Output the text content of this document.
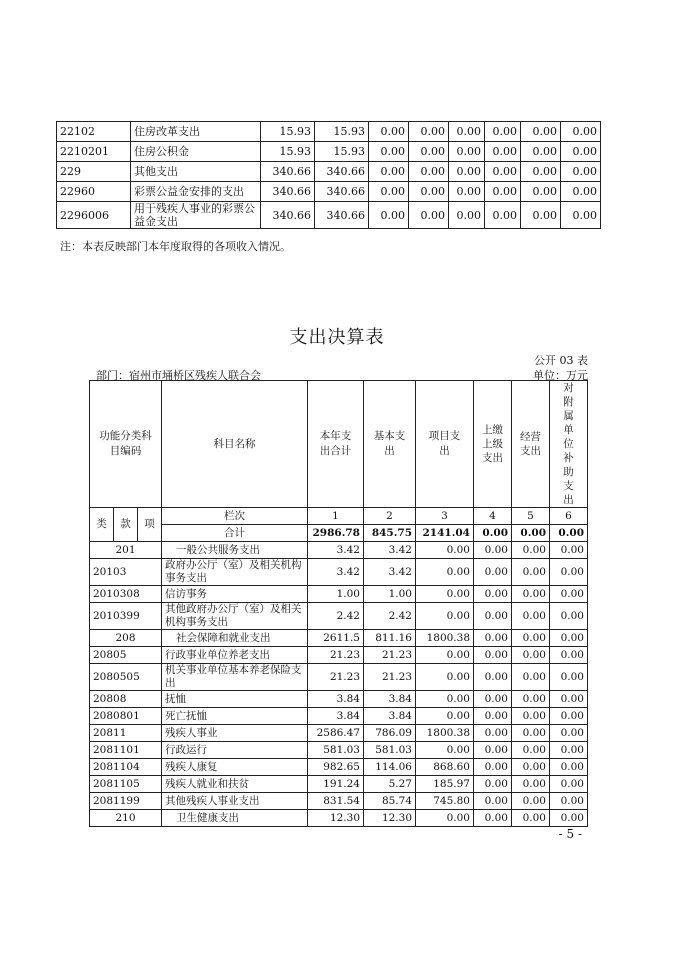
22102	住房改革支出	15.93	15.93	0.00	0.00	0.00	0.00	0.00	0.00
2210201	住房公积金	15.93	15.93	0.00	0.00	0.00	0.00	0.00	0.00
229	其他支出	340.66	340.66	0.00	0.00	0.00	0.00	0.00	0.00
22960	彩票公益金安排的支出	340.66	340.66	0.00	0.00	0.00	0.00	0.00	0.00
2296006	用于残疾人事业的彩票公益金支出	340.66	340.66	0.00	0.00	0.00	0.00	0.00	0.00
注：本表反映部门本年度取得的各项收入情况。
支出决算表
公开 03 表
部门：宿州市埇桥区残疾人联合会	单位：万元
功能分类科目编码			科目名称	本年支出合计	基本支出	项目支出	上缴上级支出	经营支出	对附属单位补助支出

类	款	项	栏次	1	2	3	4	5	6
			合计	2986.78	845.75	2141.04	0.00	0.00	0.00
201			一般公共服务支出	3.42	3.42	0.00	0.00	0.00	0.00
20103			政府办公厅（室）及相关机构事务支出	3.42	3.42	0.00	0.00	0.00	0.00
2010308			信访事务	1.00	1.00	0.00	0.00	0.00	0.00
2010399			其他政府办公厅（室）及相关机构事务支出	2.42	2.42	0.00	0.00	0.00	0.00
208			社会保障和就业支出	2611.5	811.16	1800.38	0.00	0.00	0.00
20805			行政事业单位养老支出	21.23	21.23	0.00	0.00	0.00	0.00
2080505			机关事业单位基本养老保险支出	21.23	21.23	0.00	0.00	0.00	0.00
20808			抚恤	3.84	3.84	0.00	0.00	0.00	0.00
2080801			死亡抚恤	3.84	3.84	0.00	0.00	0.00	0.00
20811			残疾人事业	2586.47	786.09	1800.38	0.00	0.00	0.00
2081101			行政运行	581.03	581.03	0.00	0.00	0.00	0.00
2081104			残疾人康复	982.65	114.06	868.60	0.00	0.00	0.00
2081105			残疾人就业和扶贫	191.24	5.27	185.97	0.00	0.00	0.00
2081199			其他残疾人事业支出	831.54	85.74	745.80	0.00	0.00	0.00
210			卫生健康支出	12.30	12.30	0.00	0.00	0.00	0.00
- 5 -
